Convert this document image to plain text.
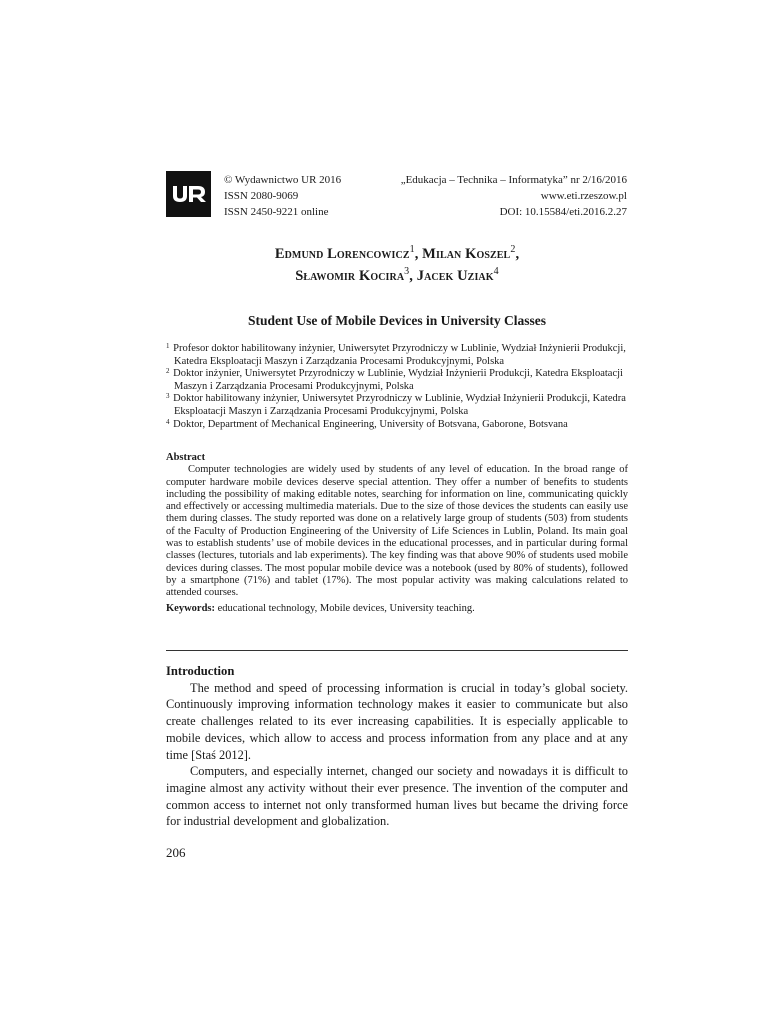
© Wydawnictwo UR 2016
ISSN 2080-9069
ISSN 2450-9221 online
„Edukacja – Technika – Informatyka” nr 2/16/2016
www.eti.rzeszow.pl
DOI: 10.15584/eti.2016.2.27
Edmund Lorencowicz$^1$, Milan Koszel$^2$,
Sławomir Kocira$^3$, Jacek Uziak$^4$
Student Use of Mobile Devices in University Classes
$^1$ Profesor doktor habilitowany inżynier, Uniwersytet Przyrodniczy w Lublinie, Wydział Inżynierii Produkcji, Katedra Eksploatacji Maszyn i Zarządzania Procesami Produkcyjnymi, Polska
$^2$ Doktor inżynier, Uniwersytet Przyrodniczy w Lublinie, Wydział Inżynierii Produkcji, Katedra Eksploatacji Maszyn i Zarządzania Procesami Produkcyjnymi, Polska
$^3$ Doktor habilitowany inżynier, Uniwersytet Przyrodniczy w Lublinie, Wydział Inżynierii Produkcji, Katedra Eksploatacji Maszyn i Zarządzania Procesami Produkcyjnymi, Polska
$^4$ Doktor, Department of Mechanical Engineering, University of Botsvana, Gaborone, Botsvana
Abstract
Computer technologies are widely used by students of any level of education. In the broad range of computer hardware mobile devices deserve special attention. They offer a number of benefits to students including the possibility of making editable notes, searching for information on line, communicating quickly and effectively or accessing multimedia materials. Due to the size of those devices the students can easily use them during classes. The study reported was done on a relatively large group of students (503) from students of the Faculty of Production Engineering of the University of Life Sciences in Lublin, Poland. Its main goal was to establish students’ use of mobile devices in the educational processes, and in particular during formal classes (lectures, tutorials and lab experiments). The key finding was that above 90% of students used mobile devices during classes. The most popular mobile device was a notebook (used by 80% of students), followed by a smartphone (71%) and tablet (17%). The most popular activity was making calculations related to attended courses.
Keywords: educational technology, Mobile devices, University teaching.
Introduction

The method and speed of processing information is crucial in today’s global society. Continuously improving information technology makes it easier to communicate but also create challenges related to its ever increasing capabilities. It is especially applicable to mobile devices, which allow to access and process information from any place and at any time [Staś 2012].

Computers, and especially internet, changed our society and nowadays it is difficult to imagine almost any activity without their ever presence. The invention of the computer and common access to internet not only transformed human lives but became the driving force for industrial development and globalization.

206
